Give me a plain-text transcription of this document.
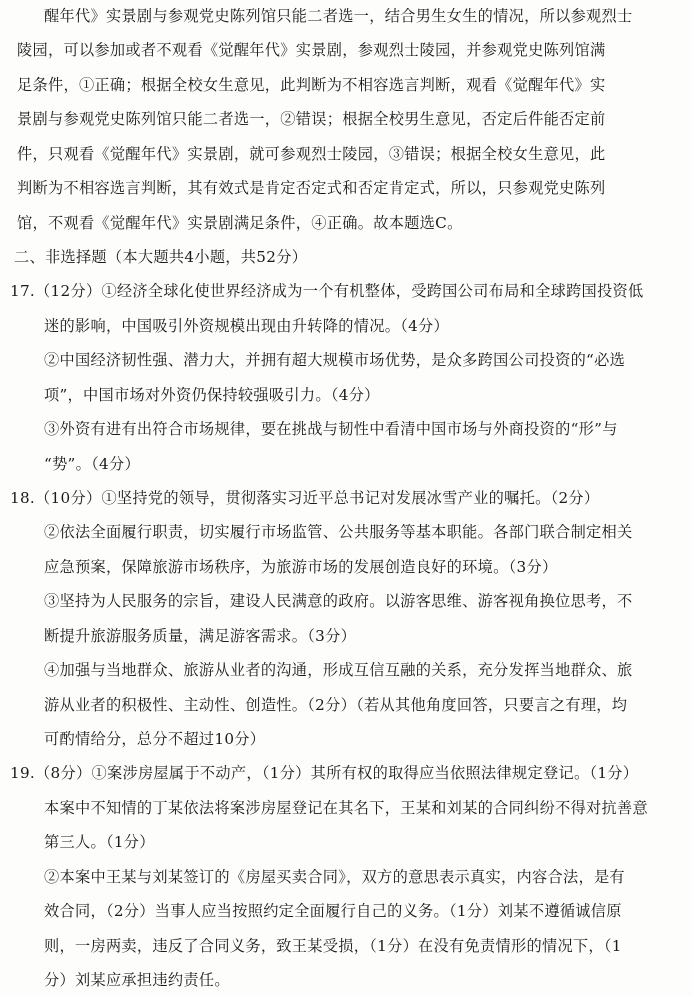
醒年代》实景剧与参观党史陈列馆只能二者选一，结合男生女生的情况，所以参观烈士
陵园，可以参加或者不观看《觉醒年代》实景剧，参观烈士陵园，并参观党史陈列馆满
足条件，①正确；根据全校女生意见，此判断为不相容选言判断，观看《觉醒年代》实
景剧与参观党史陈列馆只能二者选一，②错误；根据全校男生意见，否定后件能否定前
件，只观看《觉醒年代》实景剧，就可参观烈士陵园，③错误；根据全校女生意见，此
判断为不相容选言判断，其有效式是肯定否定式和否定肯定式，所以，只参观党史陈列
馆，不观看《觉醒年代》实景剧满足条件，④正确。故本题选C。
二、非选择题（本大题共4小题，共52分）
17.（12分）①经济全球化使世界经济成为一个有机整体，受跨国公司布局和全球跨国投资低
迷的影响，中国吸引外资规模出现由升转降的情况。（4分）
②中国经济韧性强、潜力大，并拥有超大规模市场优势，是众多跨国公司投资的“必选
项”，中国市场对外资仍保持较强吸引力。（4分）
③外资有进有出符合市场规律，要在挑战与韧性中看清中国市场与外商投资的“形”与
“势”。（4分）
18.（10分）①坚持党的领导，贯彻落实习近平总书记对发展冰雪产业的嘱托。（2分）
②依法全面履行职责，切实履行市场监管、公共服务等基本职能。各部门联合制定相关
应急预案，保障旅游市场秩序，为旅游市场的发展创造良好的环境。（3分）
③坚持为人民服务的宗旨，建设人民满意的政府。以游客思维、游客视角换位思考，不
断提升旅游服务质量，满足游客需求。（3分）
④加强与当地群众、旅游从业者的沟通，形成互信互融的关系，充分发挥当地群众、旅
游从业者的积极性、主动性、创造性。（2分）（若从其他角度回答，只要言之有理，均
可酌情给分，总分不超过10分）
19.（8分）①案涉房屋属于不动产，（1分）其所有权的取得应当依照法律规定登记。（1分）
本案中不知情的丁某依法将案涉房屋登记在其名下，王某和刘某的合同纠纷不得对抗善意
第三人。（1分）
②本案中王某与刘某签订的《房屋买卖合同》，双方的意思表示真实，内容合法，是有
效合同，（2分）当事人应当按照约定全面履行自己的义务。（1分）刘某不遵循诚信原
则，一房两卖，违反了合同义务，致王某受损，（1分）在没有免责情形的情况下，（1
分）刘某应承担违约责任。
